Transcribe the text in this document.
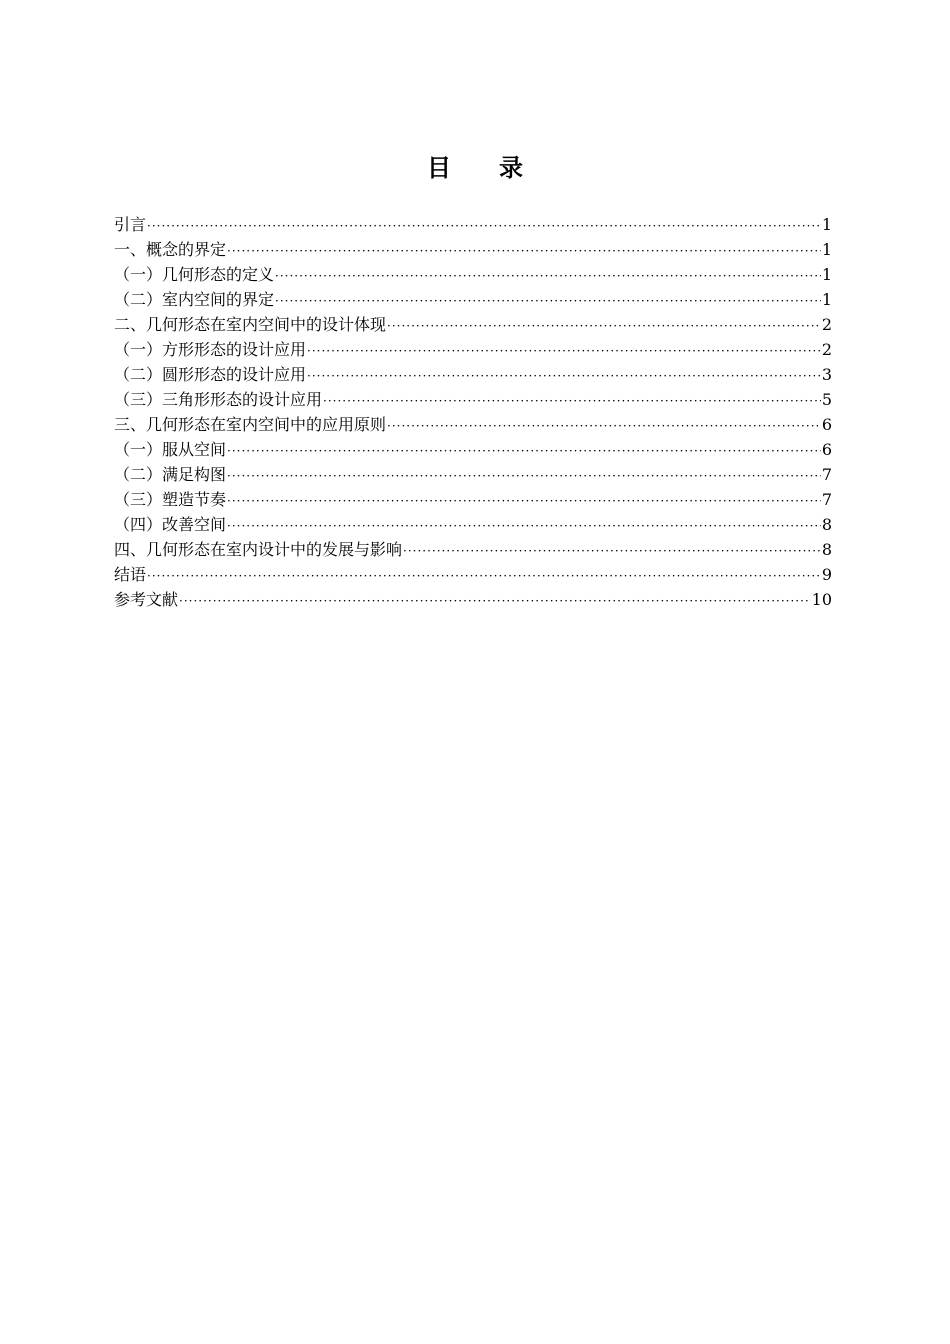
目录
引言 ·····	1
一、概念的界定 ·····	1
（一）几何形态的定义 ·····	1
（二）室内空间的界定 ·····	1
二、几何形态在室内空间中的设计体现 ·····	2
（一）方形形态的设计应用 ·····	2
（二）圆形形态的设计应用 ·····	3
（三）三角形形态的设计应用 ·····	5
三、几何形态在室内空间中的应用原则 ·····	6
（一）服从空间 ·····	6
（二）满足构图 ·····	7
（三）塑造节奏 ·····	7
（四）改善空间 ·····	8
四、几何形态在室内设计中的发展与影响 ·····	8
结语 ·····	9
参考文献 ·····	10
